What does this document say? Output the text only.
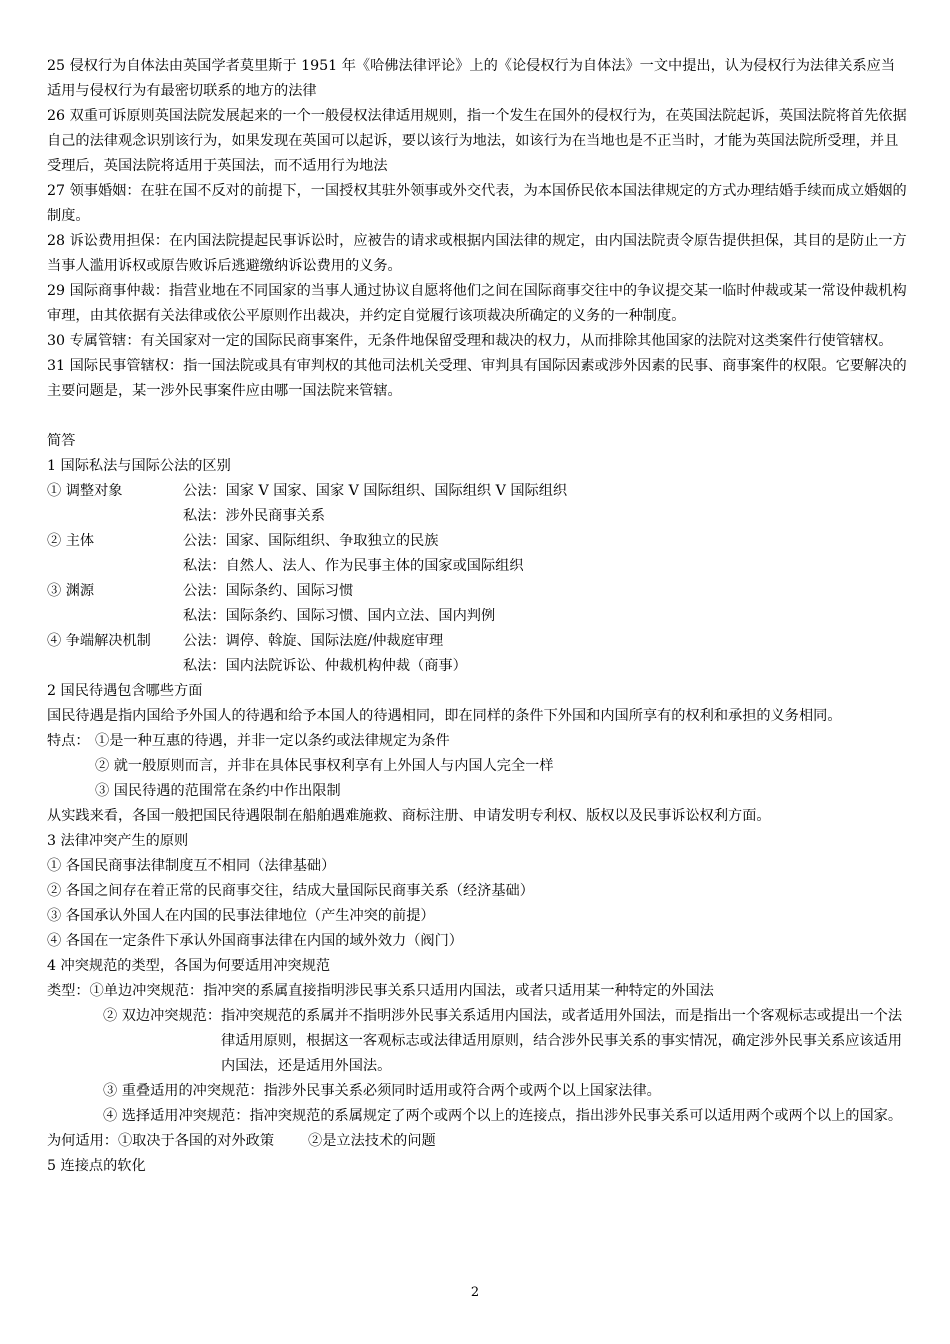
25 侵权行为自体法由英国学者莫里斯于 1951 年《哈佛法律评论》上的《论侵权行为自体法》一文中提出，认为侵权行为法律关系应当适用与侵权行为有最密切联系的地方的法律

26 双重可诉原则英国法院发展起来的一个一般侵权法律适用规则，指一个发生在国外的侵权行为，在英国法院起诉，英国法院将首先依据自己的法律观念识别该行为，如果发现在英国可以起诉，要以该行为地法，如该行为在当地也是不正当时，才能为英国法院所受理，并且受理后，英国法院将适用于英国法，而不适用行为地法

27 领事婚姻：在驻在国不反对的前提下，一国授权其驻外领事或外交代表，为本国侨民依本国法律规定的方式办理结婚手续而成立婚姻的制度。

28 诉讼费用担保：在内国法院提起民事诉讼时，应被告的请求或根据内国法律的规定，由内国法院责令原告提供担保，其目的是防止一方当事人滥用诉权或原告败诉后逃避缴纳诉讼费用的义务。

29 国际商事仲裁：指营业地在不同国家的当事人通过协议自愿将他们之间在国际商事交往中的争议提交某一临时仲裁或某一常设仲裁机构审理，由其依据有关法律或依公平原则作出裁决，并约定自觉履行该项裁决所确定的义务的一种制度。

30 专属管辖：有关国家对一定的国际民商事案件，无条件地保留受理和裁决的权力，从而排除其他国家的法院对这类案件行使管辖权。

31 国际民事管辖权：指一国法院或具有审判权的其他司法机关受理、审判具有国际因素或涉外因素的民事、商事案件的权限。它要解决的主要问题是，某一涉外民事案件应由哪一国法院来管辖。

简答

1 国际私法与国际公法的区别

① 调整对象	公法：国家 V 国家、国家 V 国际组织、国际组织 V 国际组织

私法：涉外民商事关系

② 主体	公法：国家、国际组织、争取独立的民族

私法：自然人、法人、作为民事主体的国家或国际组织

③ 渊源	公法：国际条约、国际习惯

私法：国际条约、国际习惯、国内立法、国内判例

④ 争端解决机制	公法：调停、斡旋、国际法庭/仲裁庭审理

私法：国内法院诉讼、仲裁机构仲裁（商事）

2 国民待遇包含哪些方面

国民待遇是指内国给予外国人的待遇和给予本国人的待遇相同，即在同样的条件下外国和内国所享有的权利和承担的义务相同。

特点： ①是一种互惠的待遇，并非一定以条约或法律规定为条件

② 就一般原则而言，并非在具体民事权利享有上外国人与内国人完全一样

③ 国民待遇的范围常在条约中作出限制

从实践来看，各国一般把国民待遇限制在船舶遇难施救、商标注册、申请发明专利权、版权以及民事诉讼权利方面。

3 法律冲突产生的原则

① 各国民商事法律制度互不相同（法律基础）

② 各国之间存在着正常的民商事交往，结成大量国际民商事关系（经济基础）

③ 各国承认外国人在内国的民事法律地位（产生冲突的前提）

④ 各国在一定条件下承认外国商事法律在内国的域外效力（阀门）

4 冲突规范的类型，各国为何要适用冲突规范

类型： ①单边冲突规范： 指冲突的系属直接指明涉民事关系只适用内国法，或者只适用某一种特定的外国法
② 双边冲突规范： 指冲突规范的系属并不指明涉外民事关系适用内国法，或者适用外国法，而是指出一个客观标志或提出一个法律适用原则，根据这一客观标志或法律适用原则，结合涉外民事关系的事实情况，确定涉外民事关系应该适用内国法，还是适用外国法。
③ 重叠适用的冲突规范： 指涉外民事关系必须同时适用或符合两个或两个以上国家法律。
④ 选择适用冲突规范： 指冲突规范的系属规定了两个或两个以上的连接点，指出涉外民事关系可以适用两个或两个以上的国家。

为何适用：①取决于各国的对外政策 ②是立法技术的问题

5 连接点的软化

2
